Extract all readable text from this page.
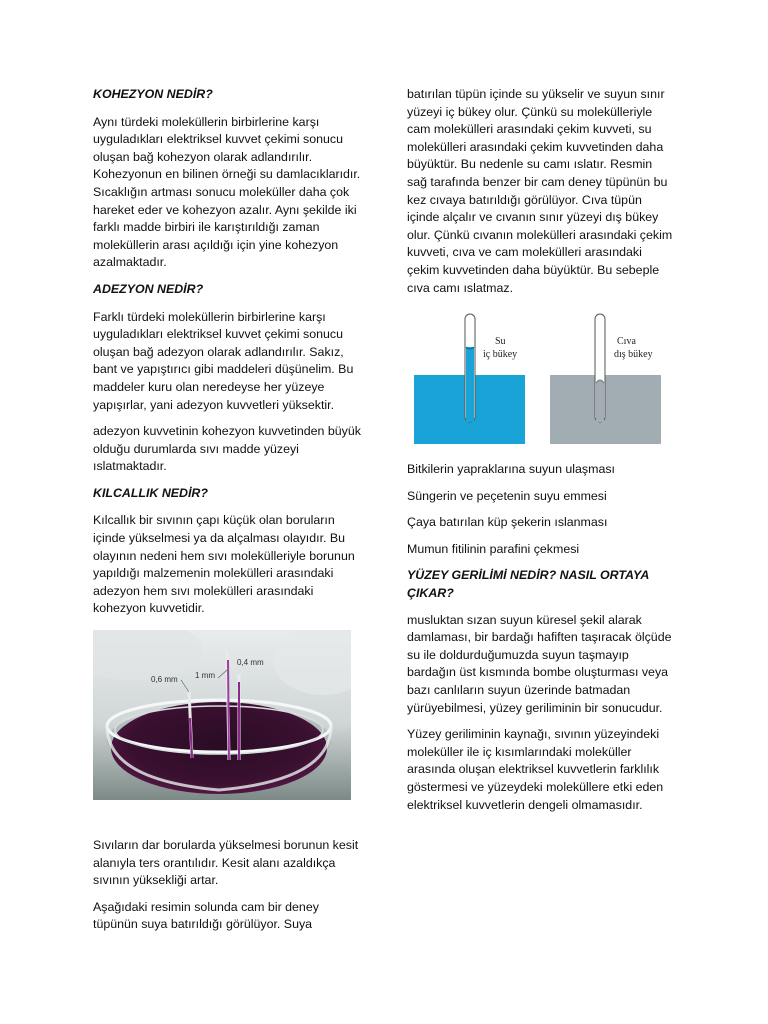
KOHEZYON NEDİR?

Aynı türdeki moleküllerin birbirlerine karşı uyguladıkları elektriksel kuvvet çekimi sonucu oluşan bağ kohezyon olarak adlandırılır. Kohezyonun en bilinen örneği su damlacıklarıdır. Sıcaklığın artması sonucu moleküller daha çok hareket eder ve kohezyon azalır. Aynı şekilde iki farklı madde birbiri ile karıştırıldığı zaman moleküllerin arası açıldığı için yine kohezyon azalmaktadır.

ADEZYON NEDİR?

Farklı türdeki moleküllerin birbirlerine karşı uyguladıkları elektriksel kuvvet çekimi sonucu oluşan bağ adezyon olarak adlandırılır. Sakız, bant ve yapıştırıcı gibi maddeleri düşünelim. Bu maddeler kuru olan neredeyse her yüzeye yapışırlar, yani adezyon kuvvetleri yüksektir.

adezyon kuvvetinin kohezyon kuvvetinden büyük olduğu durumlarda sıvı madde yüzeyi ıslatmaktadır.

KILCALLIK NEDİR?

Kılcallık bir sıvının çapı küçük olan boruların içinde yükselmesi ya da alçalması olayıdır. Bu olayının nedeni hem sıvı molekülleriyle borunun yapıldığı malzemenin molekülleri arasındaki adezyon hem sıvı molekülleri arasındaki kohezyon kuvvetidir.

0,6 mm 1 mm
0,4 mm

Sıvıların dar borularda yükselmesi borunun kesit alanıyla ters orantılıdır. Kesit alanı azaldıkça sıvının yüksekliği artar.

Aşağıdaki resimin solunda cam bir deney tüpünün suya batırıldığı görülüyor. Suya

batırılan tüpün içinde su yükselir ve suyun sınır yüzeyi iç bükey olur. Çünkü su molekülleriyle cam molekülleri arasındaki çekim kuvveti, su molekülleri arasındaki çekim kuvvetinden daha büyüktür. Bu nedenle su camı ıslatır. Resmin sağ tarafında benzer bir cam deney tüpünün bu kez cıvaya batırıldığı görülüyor. Cıva tüpün içinde alçalır ve cıvanın sınır yüzeyi dış bükey olur. Çünkü cıvanın molekülleri arasındaki çekim kuvveti, cıva ve cam molekülleri arasındaki çekim kuvvetinden daha büyüktür. Bu sebeple cıva camı ıslatmaz.

Su
iç bükey
Cıva
dış bükey

Bitkilerin yapraklarına suyun ulaşması

Süngerin ve peçetenin suyu emmesi

Çaya batırılan küp şekerin ıslanması

Mumun fitilinin parafini çekmesi

YÜZEY GERİLİMİ NEDİR? NASIL ORTAYA ÇIKAR?

musluktan sızan suyun küresel şekil alarak damlaması, bir bardağı hafiften taşıracak ölçüde su ile doldurduğumuzda suyun taşmayıp bardağın üst kısmında bombe oluşturması veya bazı canlıların suyun üzerinde batmadan yürüyebilmesi, yüzey geriliminin bir sonucudur.

Yüzey geriliminin kaynağı, sıvının yüzeyindeki moleküller ile iç kısımlarındaki moleküller arasında oluşan elektriksel kuvvetlerin farklılık göstermesi ve yüzeydeki moleküllere etki eden elektriksel kuvvetlerin dengeli olmamasıdır.
